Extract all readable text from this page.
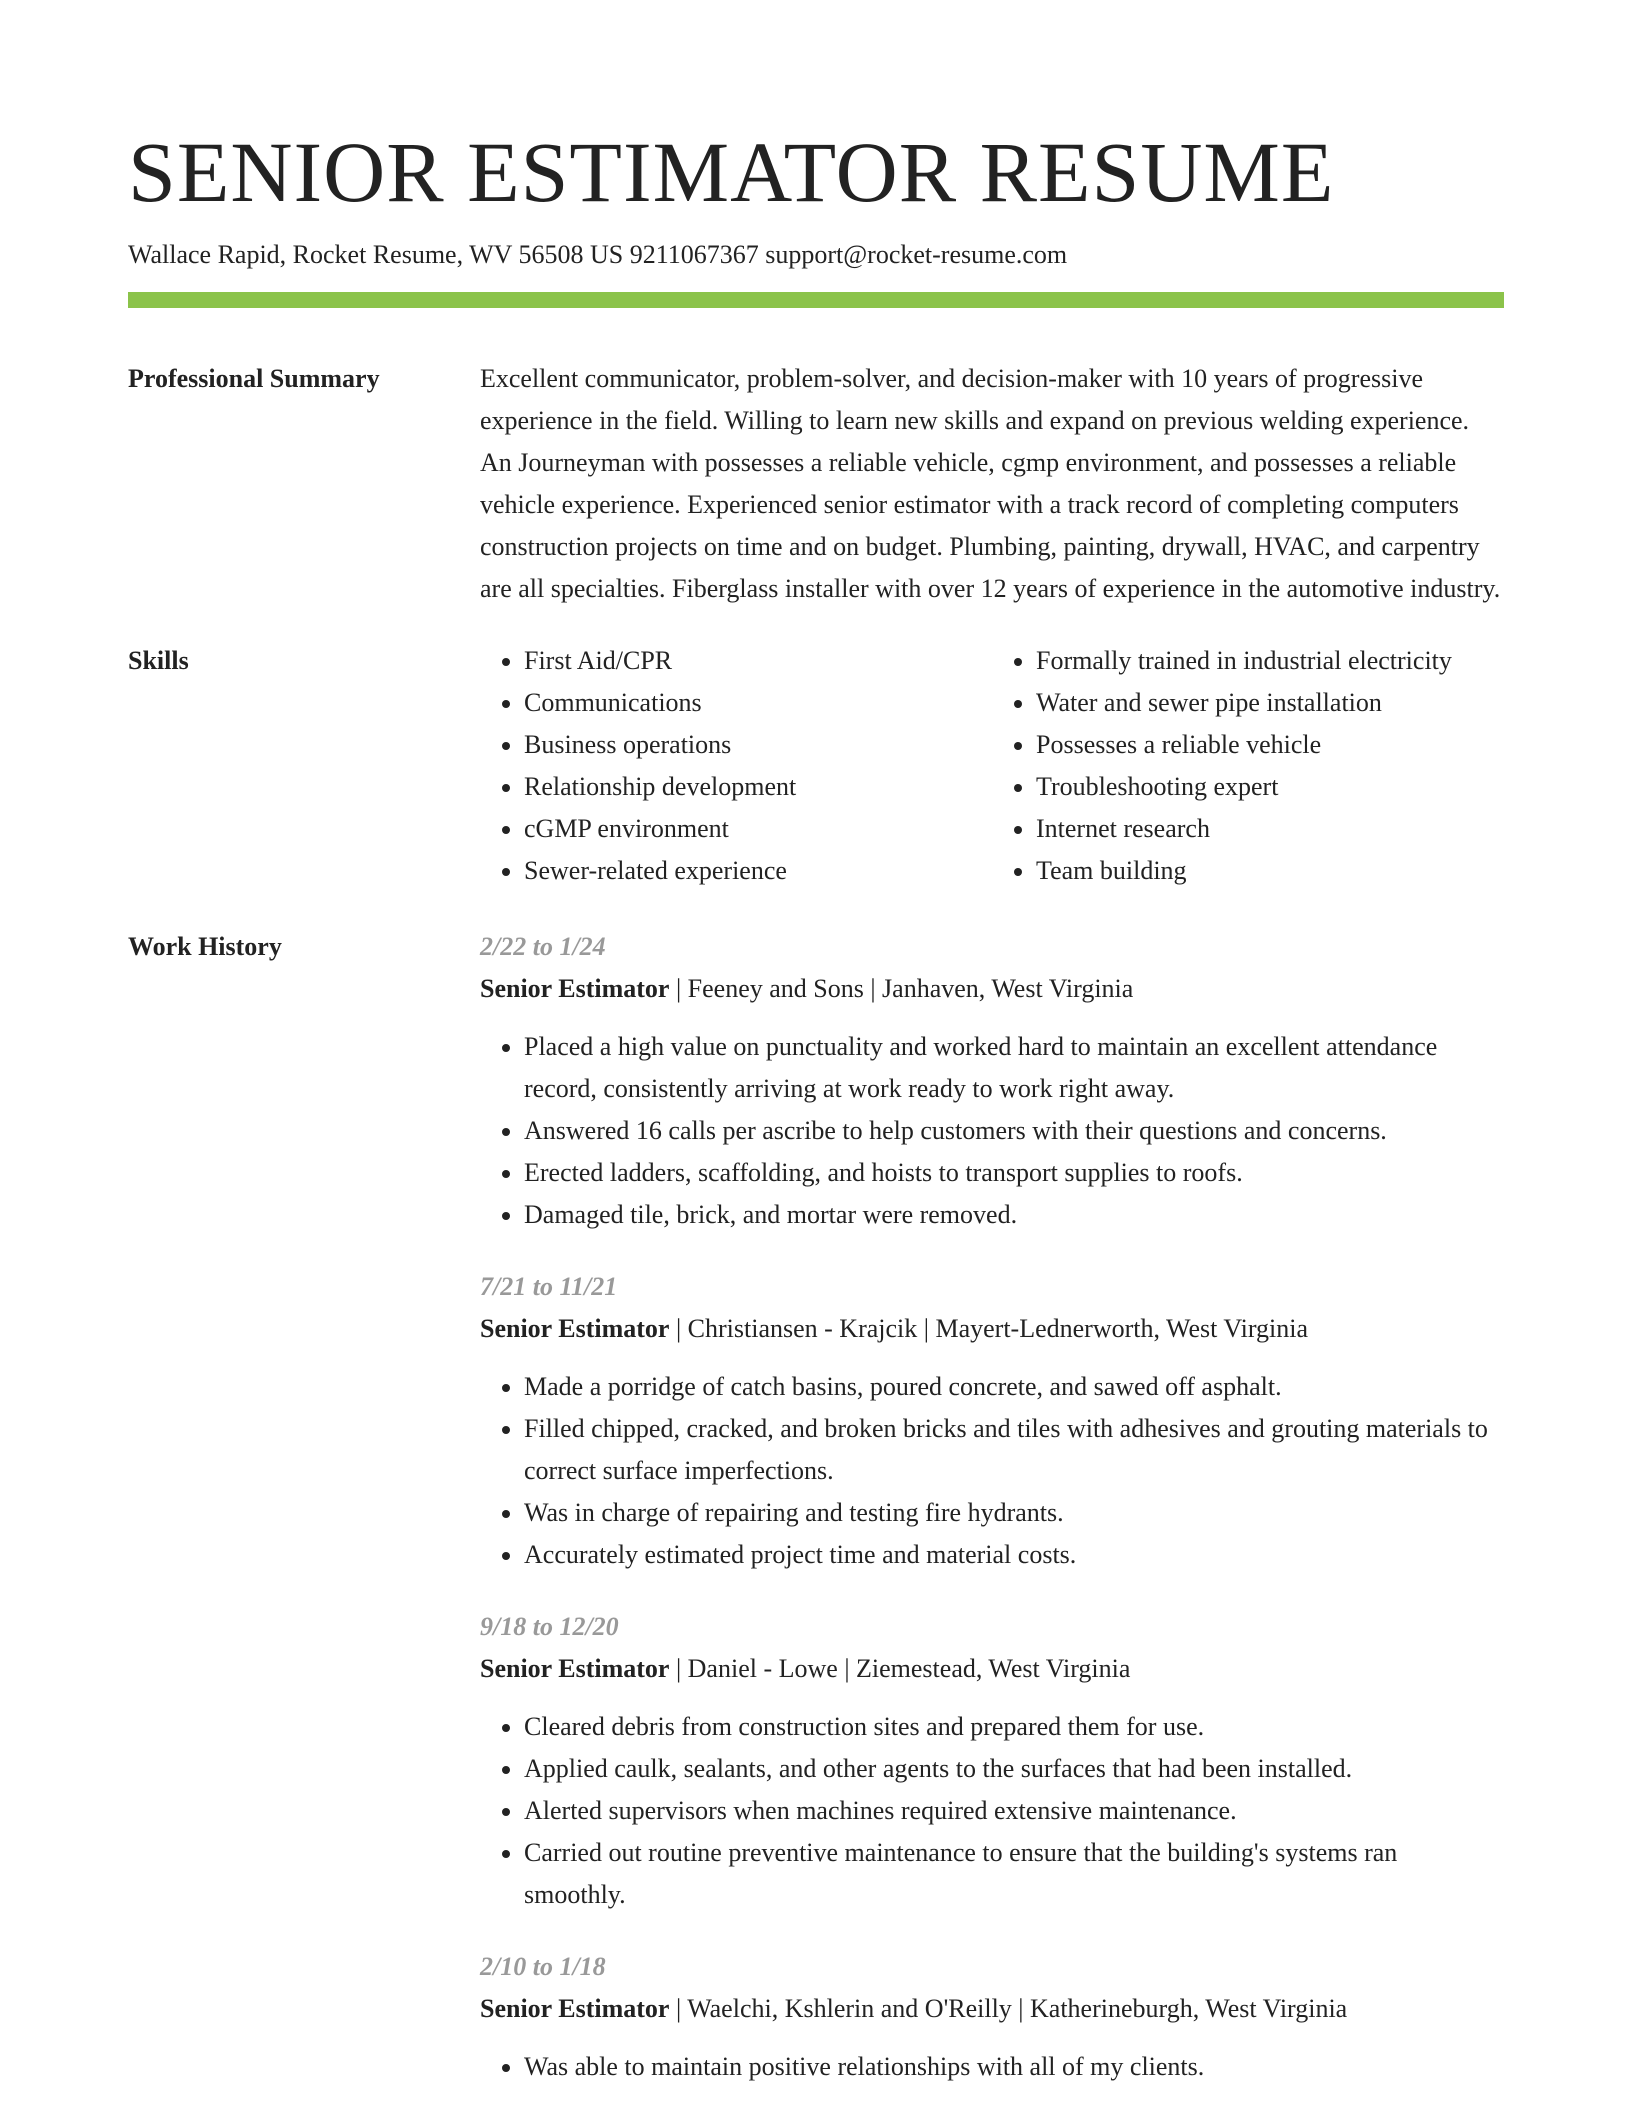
SENIOR ESTIMATOR RESUME
Wallace Rapid, Rocket Resume, WV 56508 US 9211067367 support@rocket-resume.com
Professional Summary	Excellent communicator, problem-solver, and decision-maker with 10 years of progressive experience in the field. Willing to learn new skills and expand on previous welding experience. An Journeyman with possesses a reliable vehicle, cgmp environment, and possesses a reliable vehicle experience. Experienced senior estimator with a track record of completing computers construction projects on time and on budget. Plumbing, painting, drywall, HVAC, and carpentry are all specialties. Fiberglass installer with over 12 years of experience in the automotive industry.

Skills
•	First Aid/CPR
• Communications
• Business operations
• Relationship development
• cGMP environment
• Sewer-related experience
• Formally trained in industrial electricity
• Water and sewer pipe installation
• Possesses a reliable vehicle
• Troubleshooting expert
• Internet research
• Team building
Work History	2/22 to 1/24
Senior Estimator | Feeney and Sons | Janhaven, West Virginia
• Placed a high value on punctuality and worked hard to maintain an excellent attendance record, consistently arriving at work ready to work right away.
• Answered 16 calls per ascribe to help customers with their questions and concerns.
• Erected ladders, scaffolding, and hoists to transport supplies to roofs.
• Damaged tile, brick, and mortar were removed.
7/21 to 11/21
Senior Estimator | Christiansen - Krajcik | Mayert-Lednerworth, West Virginia
• Made a porridge of catch basins, poured concrete, and sawed off asphalt.
• Filled chipped, cracked, and broken bricks and tiles with adhesives and grouting materials to correct surface imperfections.
• Was in charge of repairing and testing fire hydrants.
• Accurately estimated project time and material costs.
9/18 to 12/20
Senior Estimator | Daniel - Lowe | Ziemestead, West Virginia
• Cleared debris from construction sites and prepared them for use.
• Applied caulk, sealants, and other agents to the surfaces that had been installed.
• Alerted supervisors when machines required extensive maintenance.
• Carried out routine preventive maintenance to ensure that the building's systems ran smoothly.
2/10 to 1/18
Senior Estimator | Waelchi, Kshlerin and O'Reilly | Katherineburgh, West Virginia
• Was able to maintain positive relationships with all of my clients.
